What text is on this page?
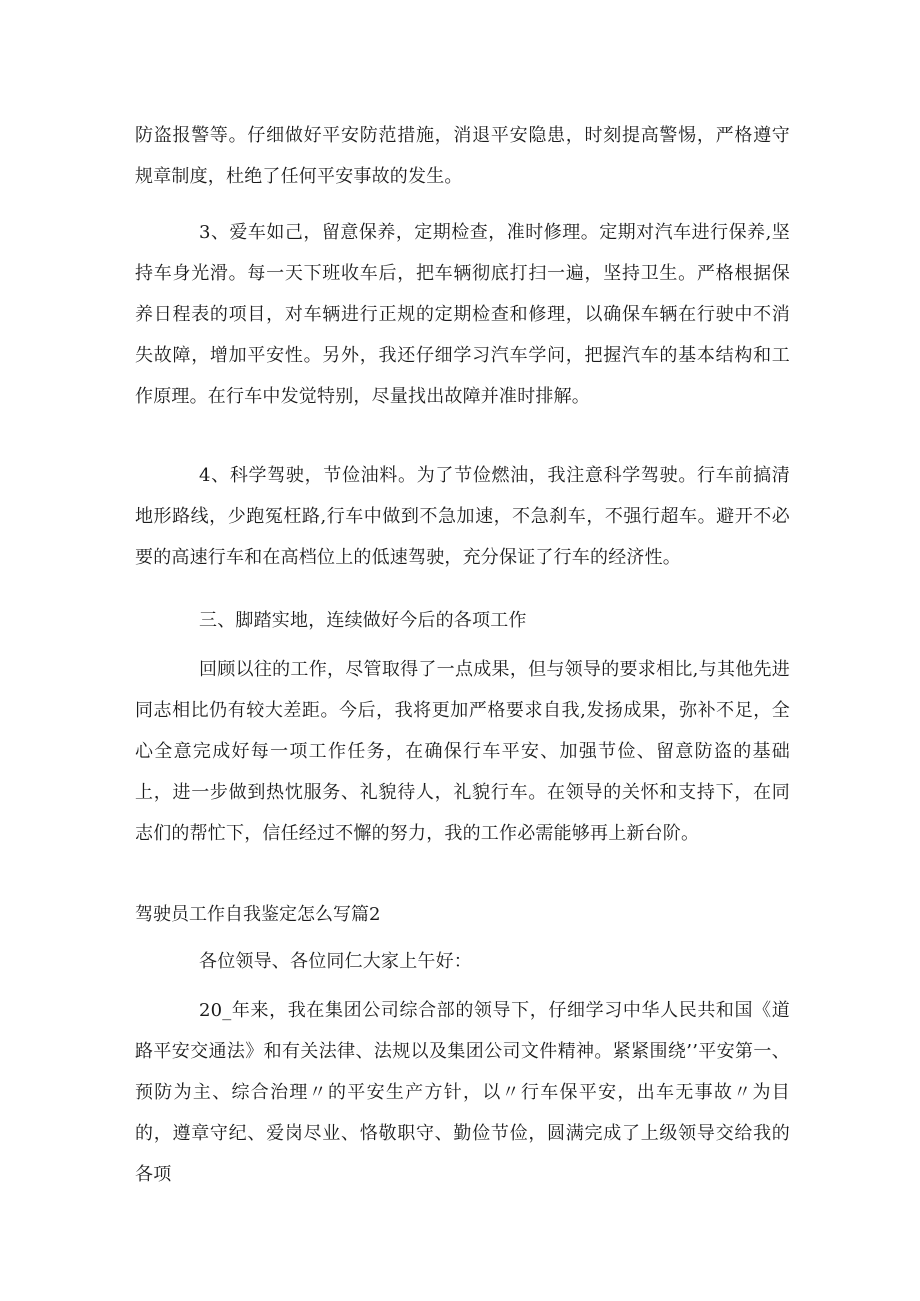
防盗报警等。仔细做好平安防范措施，消退平安隐患，时刻提高警惕，严格遵守规章制度，杜绝了任何平安事故的发生。
3、爱车如己，留意保养，定期检查，准时修理。定期对汽车进行保养,坚持车身光滑。每一天下班收车后，把车辆彻底打扫一遍，坚持卫生。严格根据保养日程表的项目，对车辆进行正规的定期检查和修理，以确保车辆在行驶中不消失故障，增加平安性。另外，我还仔细学习汽车学问，把握汽车的基本结构和工作原理。在行车中发觉特别，尽量找出故障并准时排解。
4、科学驾驶，节俭油料。为了节俭燃油，我注意科学驾驶。行车前搞清地形路线，少跑冤枉路,行车中做到不急加速，不急刹车，不强行超车。避开不必要的高速行车和在高档位上的低速驾驶，充分保证了行车的经济性。
三、脚踏实地，连续做好今后的各项工作
回顾以往的工作，尽管取得了一点成果，但与领导的要求相比,与其他先进同志相比仍有较大差距。今后，我将更加严格要求自我,发扬成果，弥补不足，全心全意完成好每一项工作任务，在确保行车平安、加强节俭、留意防盗的基础上，进一步做到热忱服务、礼貌待人，礼貌行车。在领导的关怀和支持下，在同志们的帮忙下，信任经过不懈的努力，我的工作必需能够再上新台阶。
驾驶员工作自我鉴定怎么写篇2
各位领导、各位同仁大家上午好：
20_年来，我在集团公司综合部的领导下，仔细学习中华人民共和国《道路平安交通法》和有关法律、法规以及集团公司文件精神。紧紧围绕’’平安第一、预防为主、综合治理〃的平安生产方针，以〃行车保平安，出车无事故〃为目的，遵章守纪、爱岗尽业、恪敬职守、勤俭节俭，圆满完成了上级领导交给我的各项
